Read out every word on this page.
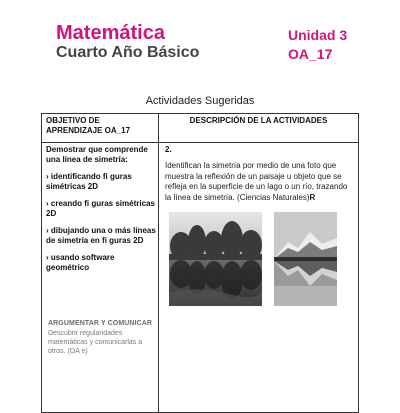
Matemática
Cuarto Año Básico
Unidad 3
OA_17
Actividades Sugeridas
OBJETIVO DE APRENDIZAJE OA_17
DESCRIPCIÓN DE LA ACTIVIDADES
Demostrar que comprende una línea de simetría:
› identificando fi guras simétricas 2D
› creando fi guras simétricas 2D
› dibujando una o más líneas de simetría en fi guras 2D
› usando software geométrico
ARGUMENTAR Y COMUNICAR
Descubrir regularidades matemáticas y comunicarlas a otros. (OA e)
2.
Identifican la simetría por medio de una foto que muestra la reflexión de un paisaje u objeto que se refleja en la superficie de un lago o un río, trazando la línea de simetría. (Ciencias Naturales)R
